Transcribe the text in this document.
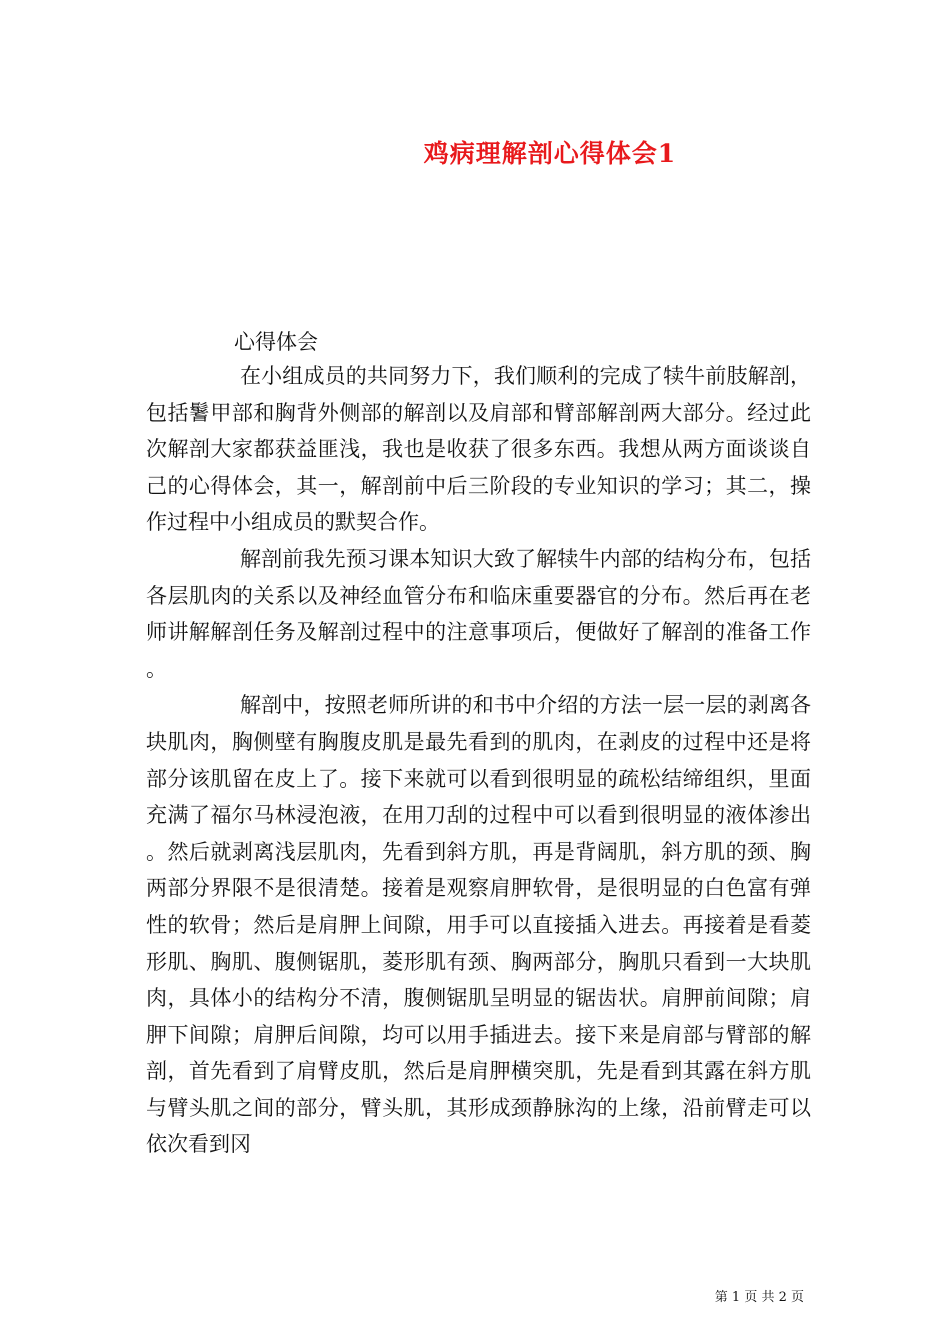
鸡病理解剖心得体会1

心得体会

在小组成员的共同努力下，我们顺利的完成了犊牛前肢解剖，包括鬐甲部和胸背外侧部的解剖以及肩部和臂部解剖两大部分。经过此次解剖大家都获益匪浅，我也是收获了很多东西。我想从两方面谈谈自己的心得体会，其一，解剖前中后三阶段的专业知识的学习；其二，操作过程中小组成员的默契合作。

解剖前我先预习课本知识大致了解犊牛内部的结构分布，包括各层肌肉的关系以及神经血管分布和临床重要器官的分布。然后再在老师讲解解剖任务及解剖过程中的注意事项后，便做好了解剖的准备工作。

解剖中，按照老师所讲的和书中介绍的方法一层一层的剥离各块肌肉，胸侧壁有胸腹皮肌是最先看到的肌肉，在剥皮的过程中还是将部分该肌留在皮上了。接下来就可以看到很明显的疏松结缔组织，里面充满了福尔马林浸泡液，在用刀刮的过程中可以看到很明显的液体渗出。然后就剥离浅层肌肉，先看到斜方肌，再是背阔肌，斜方肌的颈、胸两部分界限不是很清楚。接着是观察肩胛软骨，是很明显的白色富有弹性的软骨；然后是肩胛上间隙，用手可以直接插入进去。再接着是看菱形肌、胸肌、腹侧锯肌，菱形肌有颈、胸两部分，胸肌只看到一大块肌肉，具体小的结构分不清，腹侧锯肌呈明显的锯齿状。肩胛前间隙；肩胛下间隙；肩胛后间隙，均可以用手插进去。接下来是肩部与臂部的解剖，首先看到了肩臂皮肌，然后是肩胛横突肌，先是看到其露在斜方肌与臂头肌之间的部分，臂头肌，其形成颈静脉沟的上缘，沿前臂走可以依次看到冈

第 1 页 共 2 页
